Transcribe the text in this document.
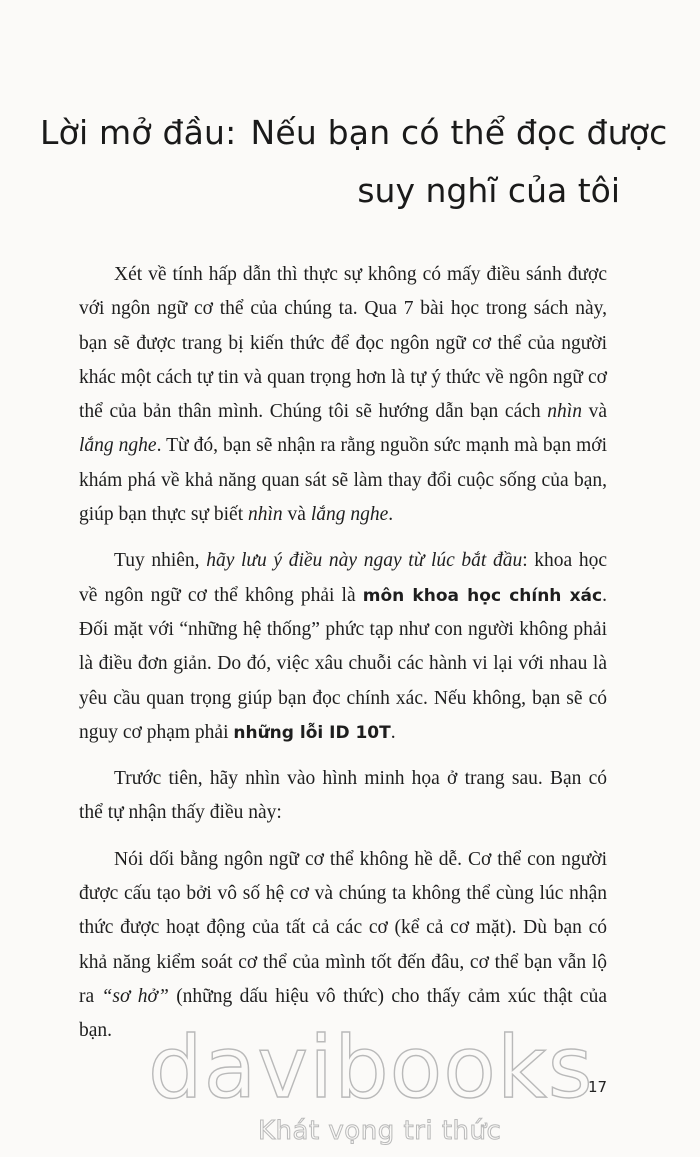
Lời mở đầu: Nếu bạn có thể đọc được
suy nghĩ của tôi

Xét về tính hấp dẫn thì thực sự không có mấy điều sánh được với ngôn ngữ cơ thể của chúng ta. Qua 7 bài học trong sách này, bạn sẽ được trang bị kiến thức để đọc ngôn ngữ cơ thể của người khác một cách tự tin và quan trọng hơn là tự ý thức về ngôn ngữ cơ thể của bản thân mình. Chúng tôi sẽ hướng dẫn bạn cách nhìn và lắng nghe. Từ đó, bạn sẽ nhận ra rằng nguồn sức mạnh mà bạn mới khám phá về khả năng quan sát sẽ làm thay đổi cuộc sống của bạn, giúp bạn thực sự biết nhìn và lắng nghe.

Tuy nhiên, hãy lưu ý điều này ngay từ lúc bắt đầu: khoa học về ngôn ngữ cơ thể không phải là môn khoa học chính xác. Đối mặt với “những hệ thống” phức tạp như con người không phải là điều đơn giản. Do đó, việc xâu chuỗi các hành vi lại với nhau là yêu cầu quan trọng giúp bạn đọc chính xác. Nếu không, bạn sẽ có nguy cơ phạm phải những lỗi ID 10T.

Trước tiên, hãy nhìn vào hình minh họa ở trang sau. Bạn có thể tự nhận thấy điều này:

Nói dối bằng ngôn ngữ cơ thể không hề dễ. Cơ thể con người được cấu tạo bởi vô số hệ cơ và chúng ta không thể cùng lúc nhận thức được hoạt động của tất cả các cơ (kể cả cơ mặt). Dù bạn có khả năng kiểm soát cơ thể của mình tốt đến đâu, cơ thể bạn vẫn lộ ra “sơ hở” (những dấu hiệu vô thức) cho thấy cảm xúc thật của bạn.

17
davibooks
Khát vọng tri thức
